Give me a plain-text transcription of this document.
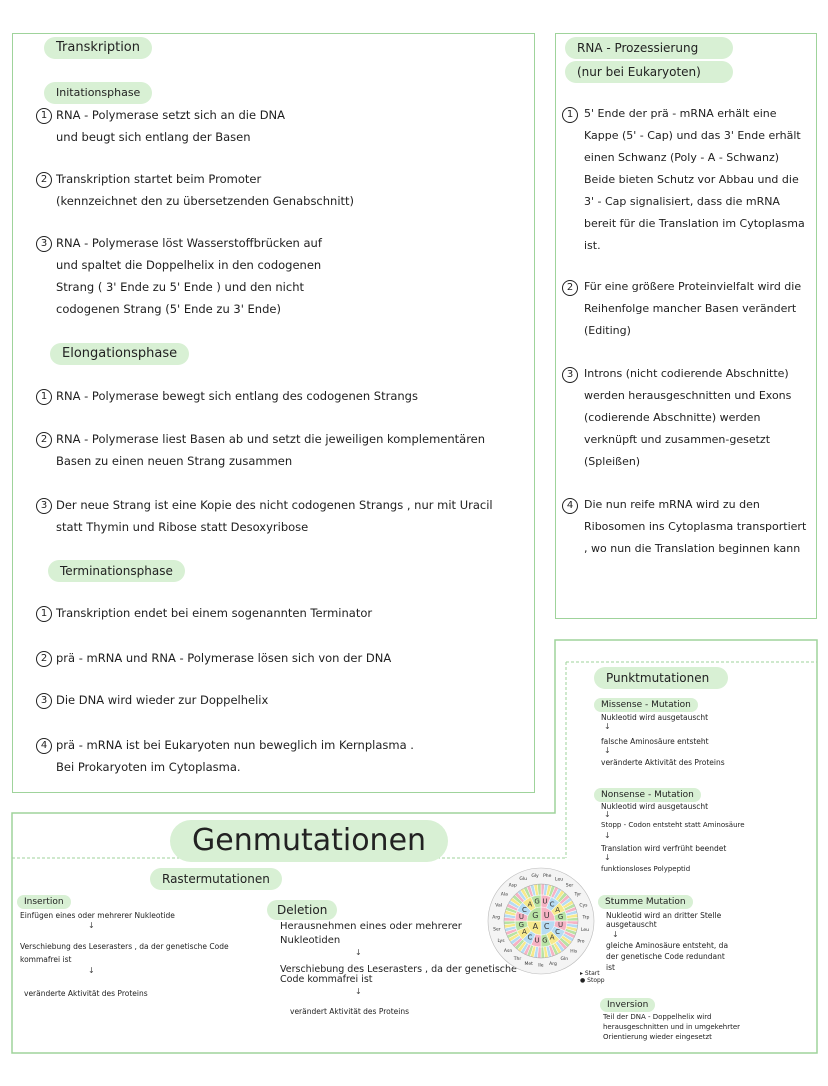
Transkription
Initationsphase
1 RNA - Polymerase setzt sich an die DNA
und beugt sich entlang der Basen
2 Transkription startet beim Promoter
(kennzeichnet den zu übersetzenden Genabschnitt)
3 RNA - Polymerase löst Wasserstoffbrücken auf
und spaltet die Doppelhelix in den codogenen
Strang ( 3' Ende zu 5' Ende ) und den nicht
codogenen Strang (5' Ende zu 3' Ende)
Elongationsphase
1 RNA - Polymerase bewegt sich entlang des codogenen Strangs
2 RNA - Polymerase liest Basen ab und setzt die jeweiligen komplementären
Basen zu einen neuen Strang zusammen
3 Der neue Strang ist eine Kopie des nicht codogenen Strangs , nur mit Uracil
statt Thymin und Ribose statt Desoxyribose
Terminationsphase
1 Transkription endet bei einem sogenannten Terminator
2 prä - mRNA und RNA - Polymerase lösen sich von der DNA
3 Die DNA wird wieder zur Doppelhelix
4 prä - mRNA ist bei Eukaryoten nun beweglich im Kernplasma .
Bei Prokaryoten im Cytoplasma.
RNA - Prozessierung
(nur bei Eukaryoten)
1 5' Ende der prä - mRNA erhält eine Kappe (5' - Cap) und das 3' Ende erhält einen Schwanz (Poly - A - Schwanz) Beide bieten Schutz vor Abbau und die 3' - Cap signalisiert, dass die mRNA bereit für die Translation im Cytoplasma ist.
2 Für eine größere Proteinvielfalt wird die Reihenfolge mancher Basen verändert (Editing)
3 Introns (nicht codierende Abschnitte) werden herausgeschnitten und Exons (codierende Abschnitte) werden verknüpft und zusammen-gesetzt (Spleißen)
4 Die nun reife mRNA wird zu den Ribosomen ins Cytoplasma transportiert , wo nun die Translation beginnen kann
Genmutationen
Rastermutationen
Insertion
Einfügen eines oder mehrerer Nukleotide
↓
Verschiebung des Leserasters , da der genetische Code
kommafrei ist
↓
veränderte Aktivität des Proteins
Deletion
Herausnehmen eines oder mehrerer
Nukleotiden
↓
Verschiebung des Leserasters , da der genetische
Code kommafrei ist
↓
verändert Aktivität des Proteins
U C
A
G
U
C
A
G
U
C
A
G
U
C
A G
U
C
A
G
Phe
Leu
Ser
Tyr
Cys
Trp
Leu
Pro
His
Gln
Arg
Ile
Met
Thr
Asn
Lys
Ser
Arg
Val
Ala
Asp
Glu
Gly
▸ Start
● Stopp
Punktmutationen
Missense - Mutation
Nukleotid wird ausgetauscht
↓
falsche Aminosäure entsteht
↓
veränderte Aktivität des Proteins
Nonsense - Mutation
Nukleotid wird ausgetauscht
↓
Stopp - Codon entsteht statt Aminosäure
↓
Translation wird verfrüht beendet
↓
funktionsloses Polypeptid
Stumme Mutation
Nukleotid wird an dritter Stelle
ausgetauscht
↓
gleiche Aminosäure entsteht, da
der genetische Code redundant
ist
Inversion
Teil der DNA - Doppelhelix wird
herausgeschnitten und in umgekehrter
Orientierung wieder eingesetzt
